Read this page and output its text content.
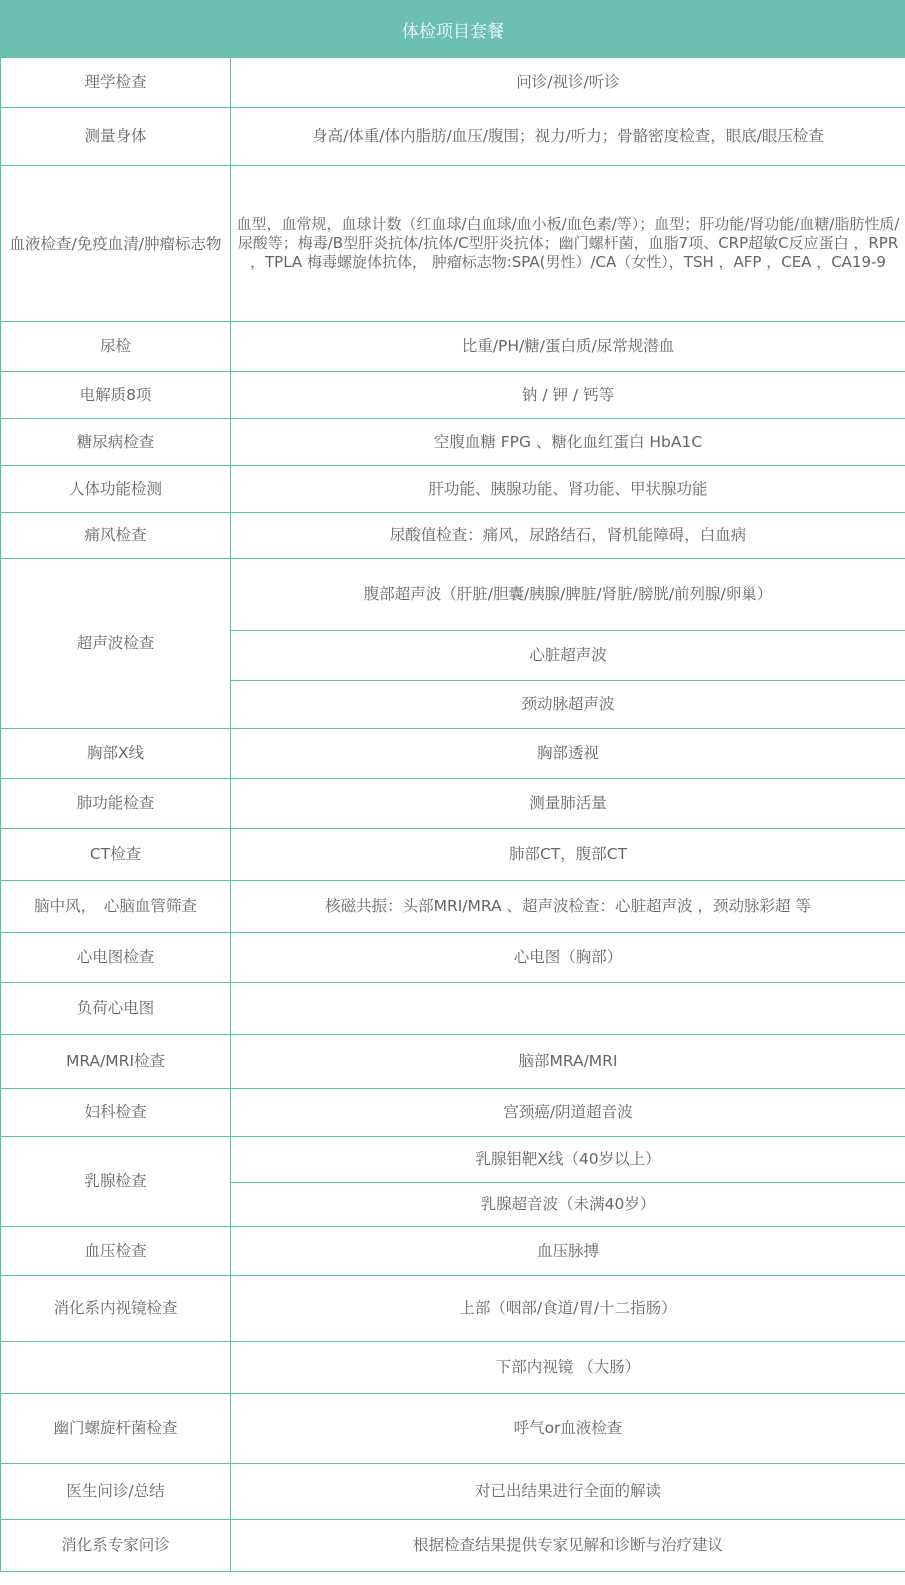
体检项目套餐	
理学检查	问诊/视诊/听诊
测量身体	身高/体重/体内脂肪/血压/腹围；视力/听力；骨骼密度检查，眼底/眼压检查
血液检查/免疫血清/肿瘤标志物	血型，血常规，血球计数（红血球/白血球/血小板/血色素/等）；血型；肝功能/肾功能/血糖/脂肪性质/尿酸等；梅毒/B型肝炎抗体/抗体/C型肝炎抗体；幽门螺杆菌，血脂7项、CRP超敏C反应蛋白 ，RPR ，TPLA 梅毒螺旋体抗体， 肿瘤标志物:SPA(男性）/CA（女性），TSH ，AFP ，CEA ，CA19-9
尿检	比重/PH/糖/蛋白质/尿常规潜血
电解质8项	钠 / 钾 / 钙等
糖尿病检查	空腹血糖 FPG 、糖化血红蛋白 HbA1C
人体功能检测	肝功能、胰腺功能、肾功能、甲状腺功能
痛风检查	尿酸值检查：痛风，尿路结石，肾机能障碍，白血病
超声波检查	腹部超声波（肝脏/胆囊/胰腺/脾脏/肾脏/膀胱/前列腺/卵巢）
	心脏超声波
	颈动脉超声波
胸部X线	胸部透视
肺功能检查	测量肺活量
CT检查	肺部CT，腹部CT
脑中风，　心脑血管筛查	核磁共振：头部MRI/MRA 、超声波检查：心脏超声波 ，颈动脉彩超 等
心电图检查	心电图（胸部）
负荷心电图	
MRA/MRI检查	脑部MRA/MRI
妇科检查	宫颈癌/阴道超音波
乳腺检查	乳腺钼靶X线（40岁以上）
	乳腺超音波（未满40岁）
血压检查	血压脉搏
消化系内视镜检查	上部（咽部/食道/胃/十二指肠）
	下部内视镜 （大肠）
幽门螺旋杆菌检查	呼气or血液检查
医生问诊/总结	对已出结果进行全面的解读
消化系专家问诊	根据检查结果提供专家见解和诊断与治疗建议
